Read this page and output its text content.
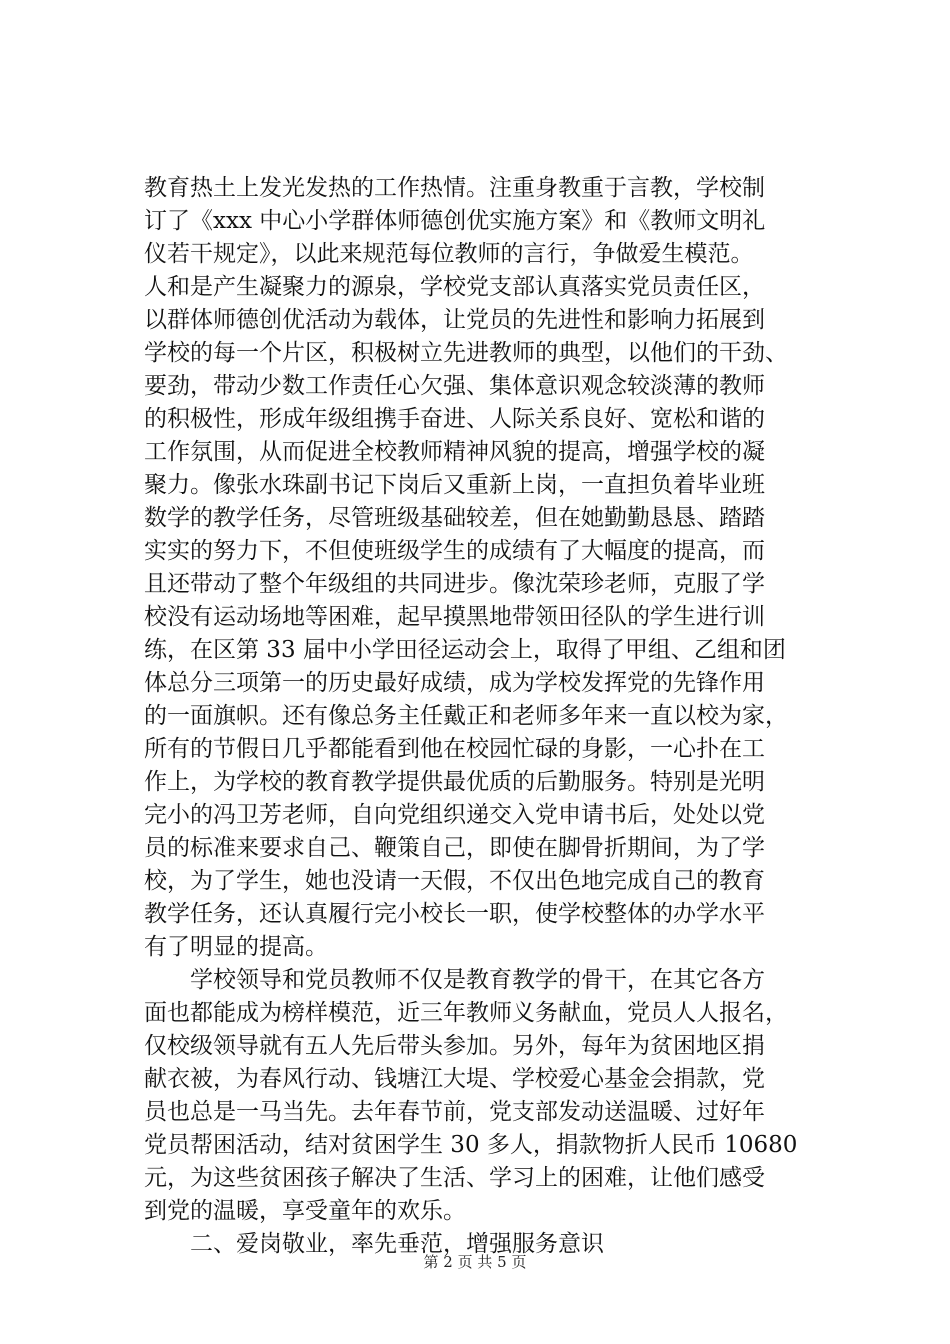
教育热土上发光发热的工作热情。注重身教重于言教，学校制
订了《xxx 中心小学群体师德创优实施方案》和《教师文明礼
仪若干规定》，以此来规范每位教师的言行，争做爱生模范。
人和是产生凝聚力的源泉，学校党支部认真落实党员责任区，
以群体师德创优活动为载体，让党员的先进性和影响力拓展到
学校的每一个片区，积极树立先进教师的典型，以他们的干劲、
要劲，带动少数工作责任心欠强、集体意识观念较淡薄的教师
的积极性，形成年级组携手奋进、人际关系良好、宽松和谐的
工作氛围，从而促进全校教师精神风貌的提高，增强学校的凝
聚力。像张水珠副书记下岗后又重新上岗，一直担负着毕业班
数学的教学任务，尽管班级基础较差，但在她勤勤恳恳、踏踏
实实的努力下，不但使班级学生的成绩有了大幅度的提高，而
且还带动了整个年级组的共同进步。像沈荣珍老师，克服了学
校没有运动场地等困难，起早摸黑地带领田径队的学生进行训
练，在区第 33 届中小学田径运动会上，取得了甲组、乙组和团
体总分三项第一的历史最好成绩，成为学校发挥党的先锋作用
的一面旗帜。还有像总务主任戴正和老师多年来一直以校为家，
所有的节假日几乎都能看到他在校园忙碌的身影，一心扑在工
作上，为学校的教育教学提供最优质的后勤服务。特别是光明
完小的冯卫芳老师，自向党组织递交入党申请书后，处处以党
员的标准来要求自己、鞭策自己，即使在脚骨折期间，为了学
校，为了学生，她也没请一天假，不仅出色地完成自己的教育
教学任务，还认真履行完小校长一职，使学校整体的办学水平
有了明显的提高。
学校领导和党员教师不仅是教育教学的骨干，在其它各方
面也都能成为榜样模范，近三年教师义务献血，党员人人报名，
仅校级领导就有五人先后带头参加。另外，每年为贫困地区捐
献衣被，为春风行动、钱塘江大堤、学校爱心基金会捐款，党
员也总是一马当先。去年春节前，党支部发动送温暖、过好年
党员帮困活动，结对贫困学生 30 多人，捐款物折人民币 10680
元，为这些贫困孩子解决了生活、学习上的困难，让他们感受
到党的温暖，享受童年的欢乐。
二、爱岗敬业，率先垂范，增强服务意识
第 2 页 共 5 页
